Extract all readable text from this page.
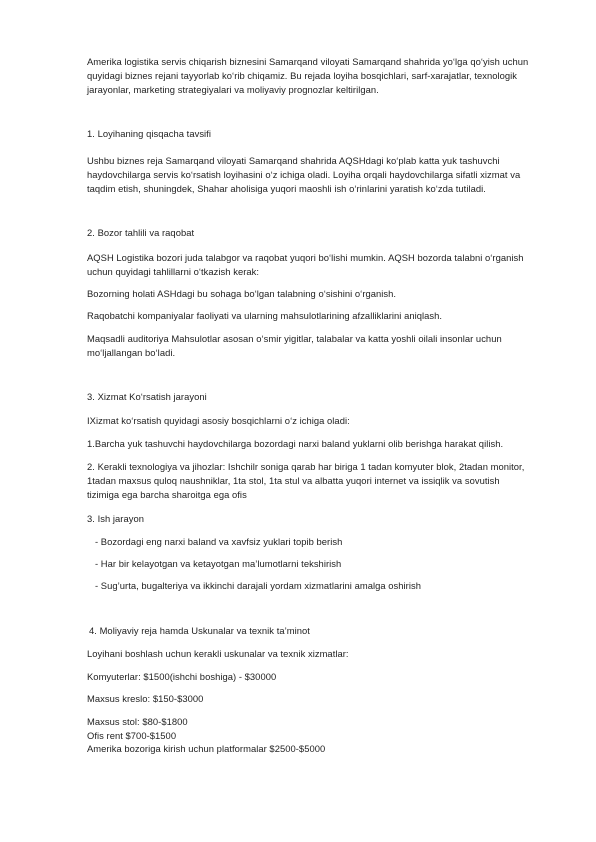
Amerika logistika servis chiqarish biznesini Samarqand viloyati Samarqand shahrida yo‘lga qo‘yish uchun
quyidagi biznes rejani tayyorlab ko‘rib chiqamiz. Bu rejada loyiha bosqichlari, sarf-xarajatlar, texnologik
jarayonlar, marketing strategiyalari va moliyaviy prognozlar keltirilgan.
1. Loyihaning qisqacha tavsifi
Ushbu biznes reja Samarqand viloyati Samarqand shahrida AQSHdagi ko‘plab katta yuk tashuvchi
haydovchilarga servis ko‘rsatish loyihasini o‘z ichiga oladi. Loyiha orqali haydovchilarga sifatli xizmat va
taqdim etish, shuningdek, Shahar aholisiga yuqori maoshli ish o‘rinlarini yaratish ko‘zda tutiladi.
2. Bozor tahlili va raqobat
AQSH Logistika bozori juda talabgor va raqobat yuqori bo‘lishi mumkin. AQSH bozorda talabni o‘rganish
uchun quyidagi tahlillarni o‘tkazish kerak:
Bozorning holati ASHdagi bu sohaga bo‘lgan talabning o‘sishini o‘rganish.
Raqobatchi kompaniyalar faoliyati va ularning mahsulotlarining afzalliklarini aniqlash.
Maqsadli auditoriya Mahsulotlar asosan o‘smir yigitlar, talabalar va katta yoshli oilali insonlar uchun
mo‘ljallangan bo‘ladi.
3. Xizmat Ko‘rsatish jarayoni
IXizmat ko‘rsatish quyidagi asosiy bosqichlarni o‘z ichiga oladi:
1.Barcha yuk tashuvchi haydovchilarga bozordagi narxi baland yuklarni olib berishga harakat qilish.
2. Kerakli texnologiya va jihozlar: Ishchilr soniga qarab har biriga 1 tadan komyuter blok, 2tadan monitor,
1tadan maxsus quloq naushniklar, 1ta stol, 1ta stul va albatta yuqori internet va issiqlik va sovutish
tizimiga ega barcha sharoitga ega ofis
3. Ish jarayon
- Bozordagi eng narxi baland va xavfsiz yuklari topib berish
- Har bir kelayotgan va ketayotgan ma’lumotlarni tekshirish
- Sug’urta, bugalteriya va ikkinchi darajali yordam xizmatlarini amalga oshirish
4. Moliyaviy reja hamda Uskunalar va texnik ta’minot
Loyihani boshlash uchun kerakli uskunalar va texnik xizmatlar:
Komyuterlar: $1500(ishchi boshiga) - $30000
Maxsus kreslo: $150-$3000
Maxsus stol: $80-$1800
Ofis rent $700-$1500
Amerika bozoriga kirish uchun platformalar $2500-$5000
